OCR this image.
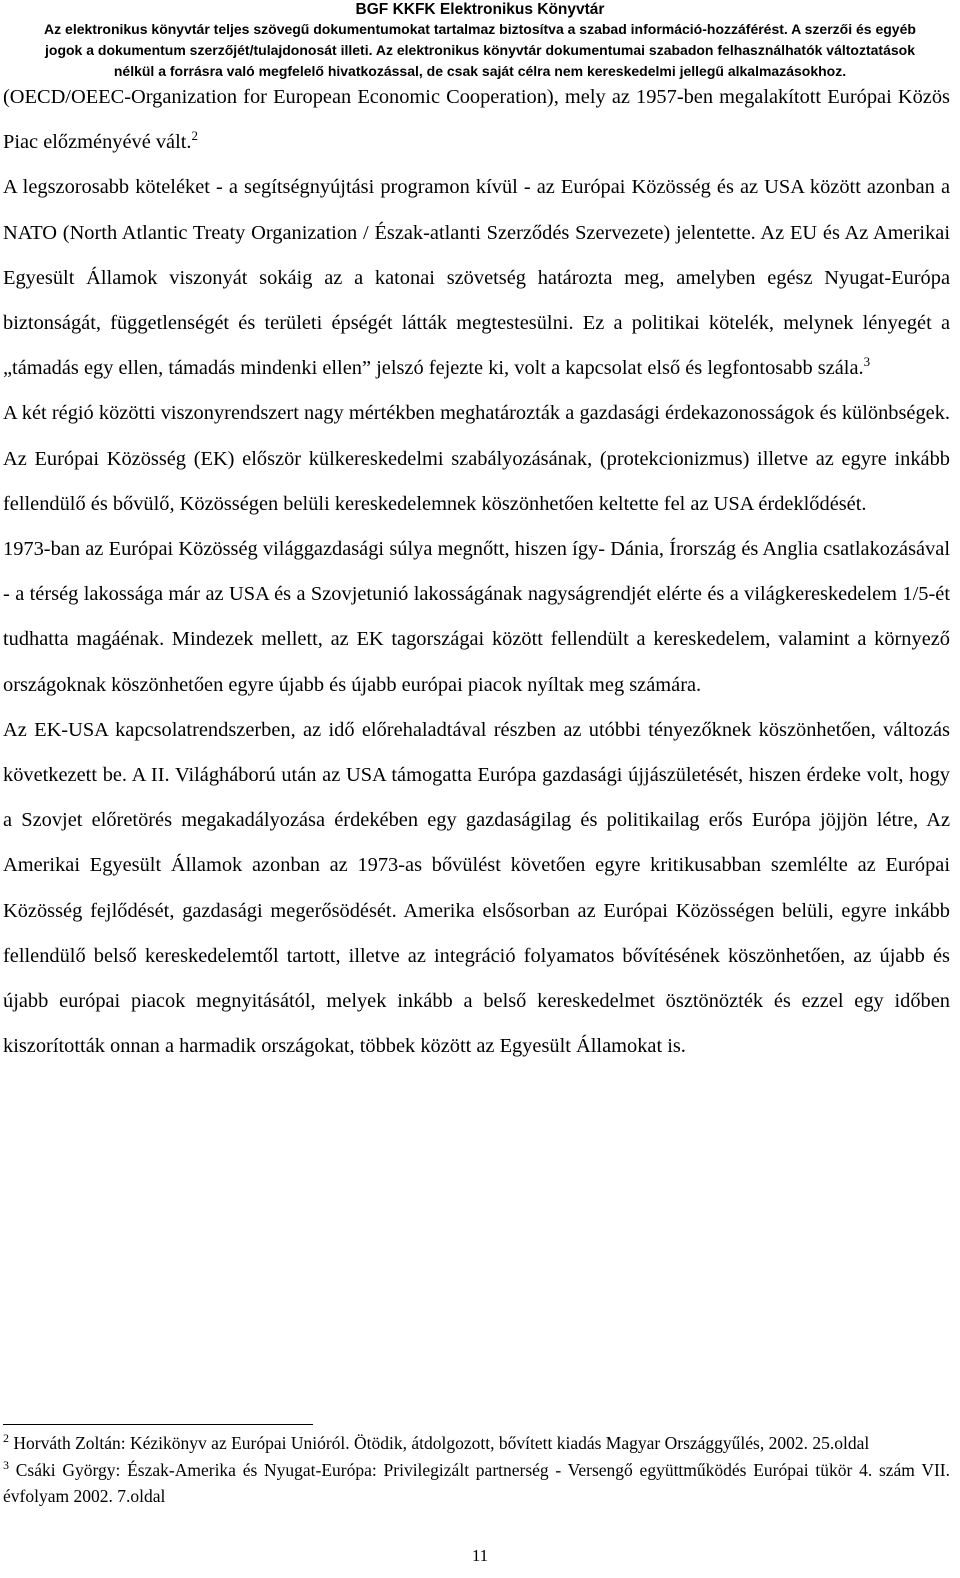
BGF KKFK Elektronikus Könyvtár
Az elektronikus könyvtár teljes szövegű dokumentumokat tartalmaz biztosítva a szabad információ-hozzáférést. A szerzői és egyéb
jogok a dokumentum szerzőjét/tulajdonosát illeti. Az elektronikus könyvtár dokumentumai szabadon felhasználhatók változtatások
nélkül a forrásra való megfelelő hivatkozással, de csak saját célra nem kereskedelmi jellegű alkalmazásokhoz.

(OECD/OEEC-Organization for European Economic Cooperation), mely az 1957-ben megalakított Európai Közös Piac előzményévé vált.$^2$

A legszorosabb köteléket - a segítségnyújtási programon kívül - az Európai Közösség és az USA között azonban a NATO (North Atlantic Treaty Organization / Észak-atlanti Szerződés Szervezete) jelentette. Az EU és Az Amerikai Egyesült Államok viszonyát sokáig az a katonai szövetség határozta meg, amelyben egész Nyugat-Európa biztonságát, függetlenségét és területi épségét látták megtestesülni. Ez a politikai kötelék, melynek lényegét a „támadás egy ellen, támadás mindenki ellen” jelszó fejezte ki, volt a kapcsolat első és legfontosabb szála.$^3$

A két régió közötti viszonyrendszert nagy mértékben meghatározták a gazdasági érdekazonosságok és különbségek. Az Európai Közösség (EK) először külkereskedelmi szabályozásának, (protekcionizmus) illetve az egyre inkább fellendülő és bővülő, Közösségen belüli kereskedelemnek köszönhetően keltette fel az USA érdeklődését.

1973-ban az Európai Közösség világgazdasági súlya megnőtt, hiszen így- Dánia, Írország és Anglia csatlakozásával - a térség lakossága már az USA és a Szovjetunió lakosságának nagyságrendjét elérte és a világkereskedelem 1/5-ét tudhatta magáénak. Mindezek mellett, az EK tagországai között fellendült a kereskedelem, valamint a környező országoknak köszönhetően egyre újabb és újabb európai piacok nyíltak meg számára.

Az EK-USA kapcsolatrendszerben, az idő előrehaladtával részben az utóbbi tényezőknek köszönhetően, változás következett be. A II. Világháború után az USA támogatta Európa gazdasági újjászületését, hiszen érdeke volt, hogy a Szovjet előretörés megakadályozása érdekében egy gazdaságilag és politikailag erős Európa jöjjön létre, Az Amerikai Egyesült Államok azonban az 1973-as bővülést követően egyre kritikusabban szemlélte az Európai Közösség fejlődését, gazdasági megerősödését. Amerika elsősorban az Európai Közösségen belüli, egyre inkább fellendülő belső kereskedelemtől tartott, illetve az integráció folyamatos bővítésének köszönhetően, az újabb és újabb európai piacok megnyitásától, melyek inkább a belső kereskedelmet ösztönözték és ezzel egy időben kiszorították onnan a harmadik országokat, többek között az Egyesült Államokat is.

$^2$ Horváth Zoltán: Kézikönyv az Európai Unióról. Ötödik, átdolgozott, bővített kiadás Magyar Országgyűlés, 2002. 25.oldal

$^3$ Csáki György: Észak-Amerika és Nyugat-Európa: Privilegizált partnerség - Versengő együttműködés Európai tükör 4. szám VII. évfolyam 2002. 7.oldal

11
